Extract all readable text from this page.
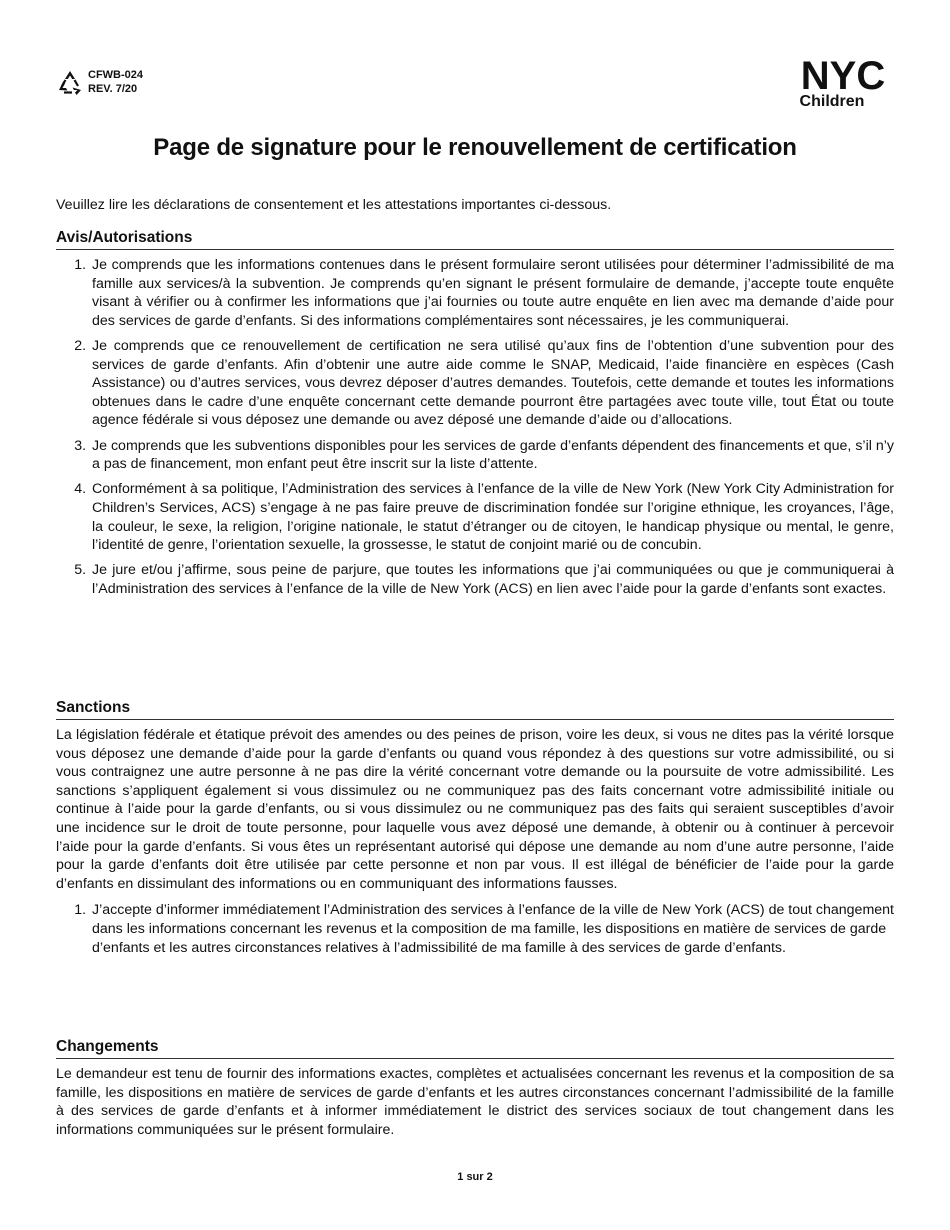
CFWB-024
REV. 7/20	NYC
Children
Page de signature pour le renouvellement de certification

Veuillez lire les déclarations de consentement et les attestations importantes ci-dessous.

Avis/Autorisations
1. Je comprends que les informations contenues dans le présent formulaire seront utilisées pour déterminer l’admissibilité de ma famille aux services/à la subvention. Je comprends qu’en signant le présent formulaire de demande, j’accepte toute enquête visant à vérifier ou à confirmer les informations que j’ai fournies ou toute autre enquête en lien avec ma demande d’aide pour des services de garde d’enfants. Si des informations complémentaires sont nécessaires, je les communiquerai.
2. Je comprends que ce renouvellement de certification ne sera utilisé qu’aux fins de l’obtention d’une subvention pour des services de garde d’enfants. Afin d’obtenir une autre aide comme le SNAP, Medicaid, l’aide financière en espèces (Cash Assistance) ou d’autres services, vous devrez déposer d’autres demandes. Toutefois, cette demande et toutes les informations obtenues dans le cadre d’une enquête concernant cette demande pourront être partagées avec toute ville, tout État ou toute agence fédérale si vous déposez une demande ou avez déposé une demande d’aide ou d’allocations.
3. Je comprends que les subventions disponibles pour les services de garde d’enfants dépendent des financements et que, s’il n’y a pas de financement, mon enfant peut être inscrit sur la liste d’attente.
4. Conformément à sa politique, l’Administration des services à l’enfance de la ville de New York (New York City Administration for Children’s Services, ACS) s’engage à ne pas faire preuve de discrimination fondée sur l’origine ethnique, les croyances, l’âge, la couleur, le sexe, la religion, l’origine nationale, le statut d’étranger ou de citoyen, le handicap physique ou mental, le genre, l’identité de genre, l’orientation sexuelle, la grossesse, le statut de conjoint marié ou de concubin.
5. Je jure et/ou j’affirme, sous peine de parjure, que toutes les informations que j’ai communiquées ou que je communiquerai à l’Administration des services à l’enfance de la ville de New York (ACS) en lien avec l’aide pour la garde d’enfants sont exactes.
Sanctions

La législation fédérale et étatique prévoit des amendes ou des peines de prison, voire les deux, si vous ne dites pas la vérité lorsque vous déposez une demande d’aide pour la garde d’enfants ou quand vous répondez à des questions sur votre admissibilité, ou si vous contraignez une autre personne à ne pas dire la vérité concernant votre demande ou la poursuite de votre admissibilité. Les sanctions s’appliquent également si vous dissimulez ou ne communiquez pas des faits concernant votre admissibilité initiale ou continue à l’aide pour la garde d’enfants, ou si vous dissimulez ou ne communiquez pas des faits qui seraient susceptibles d’avoir une incidence sur le droit de toute personne, pour laquelle vous avez déposé une demande, à obtenir ou à continuer à percevoir l’aide pour la garde d’enfants. Si vous êtes un représentant autorisé qui dépose une demande au nom d’une autre personne, l’aide pour la garde d’enfants doit être utilisée par cette personne et non par vous. Il est illégal de bénéficier de l’aide pour la garde d’enfants en dissimulant des informations ou en communiquant des informations fausses.

1. J’accepte d’informer immédiatement l’Administration des services à l’enfance de la ville de New York (ACS) de tout changement dans les informations concernant les revenus et la composition de ma famille, les dispositions en matière de services de garde d’enfants et les autres circonstances relatives à l’admissibilité de ma famille à des services de garde d’enfants.
Changements

Le demandeur est tenu de fournir des informations exactes, complètes et actualisées concernant les revenus et la composition de sa famille, les dispositions en matière de services de garde d’enfants et les autres circonstances concernant l’admissibilité de la famille à des services de garde d’enfants et à informer immédiatement le district des services sociaux de tout changement dans les informations communiquées sur le présent formulaire.

1 sur 2
